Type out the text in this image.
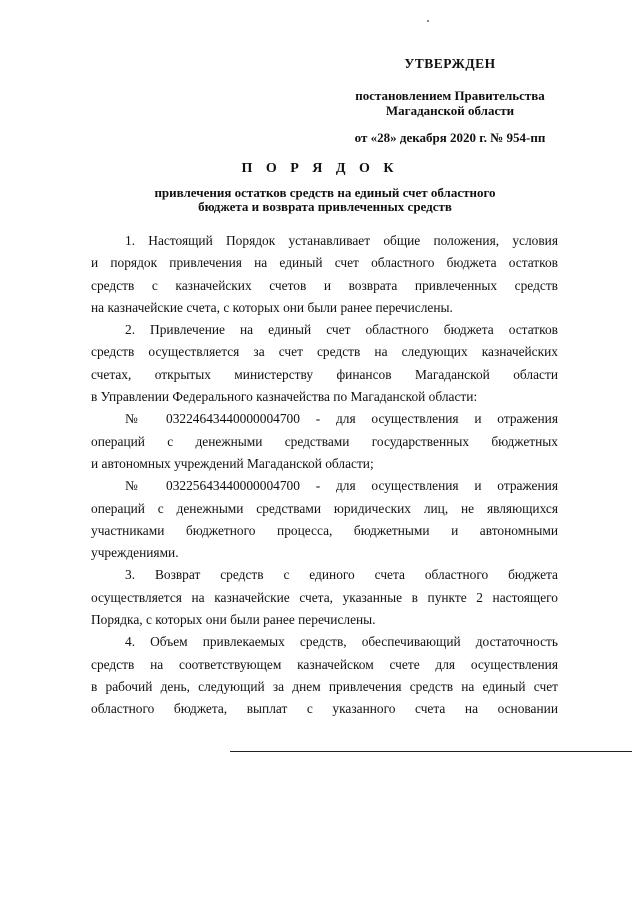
УТВЕРЖДЕН
постановлением Правительства
Магаданской области
от «28» декабря 2020 г. № 954-пп
П О Р Я Д О К
привлечения остатков средств на единый счет областного
бюджета и возврата привлеченных средств

1. Настоящий Порядок устанавливает общие положения, условия
и порядок привлечения на единый счет областного бюджета остатков
средств с казначейских счетов и возврата привлеченных средств
на казначейские счета, с которых они были ранее перечислены.

2. Привлечение на единый счет областного бюджета остатков
средств осуществляется за счет средств на следующих казначейских
счетах, открытых министерству финансов Магаданской области
в Управлении Федерального казначейства по Магаданской области:

№ 03224643440000004700 - для осуществления и отражения
операций с денежными средствами государственных бюджетных
и автономных учреждений Магаданской области;

№ 03225643440000004700 - для осуществления и отражения
операций с денежными средствами юридических лиц, не являющихся
участниками бюджетного процесса, бюджетными и автономными
учреждениями.

3. Возврат средств с единого счета областного бюджета
осуществляется на казначейские счета, указанные в пункте 2 настоящего
Порядка, с которых они были ранее перечислены.

4. Объем привлекаемых средств, обеспечивающий достаточность
средств на соответствующем казначейском счете для осуществления
в рабочий день, следующий за днем привлечения средств на единый счет
областного бюджета, выплат с указанного счета на основании
